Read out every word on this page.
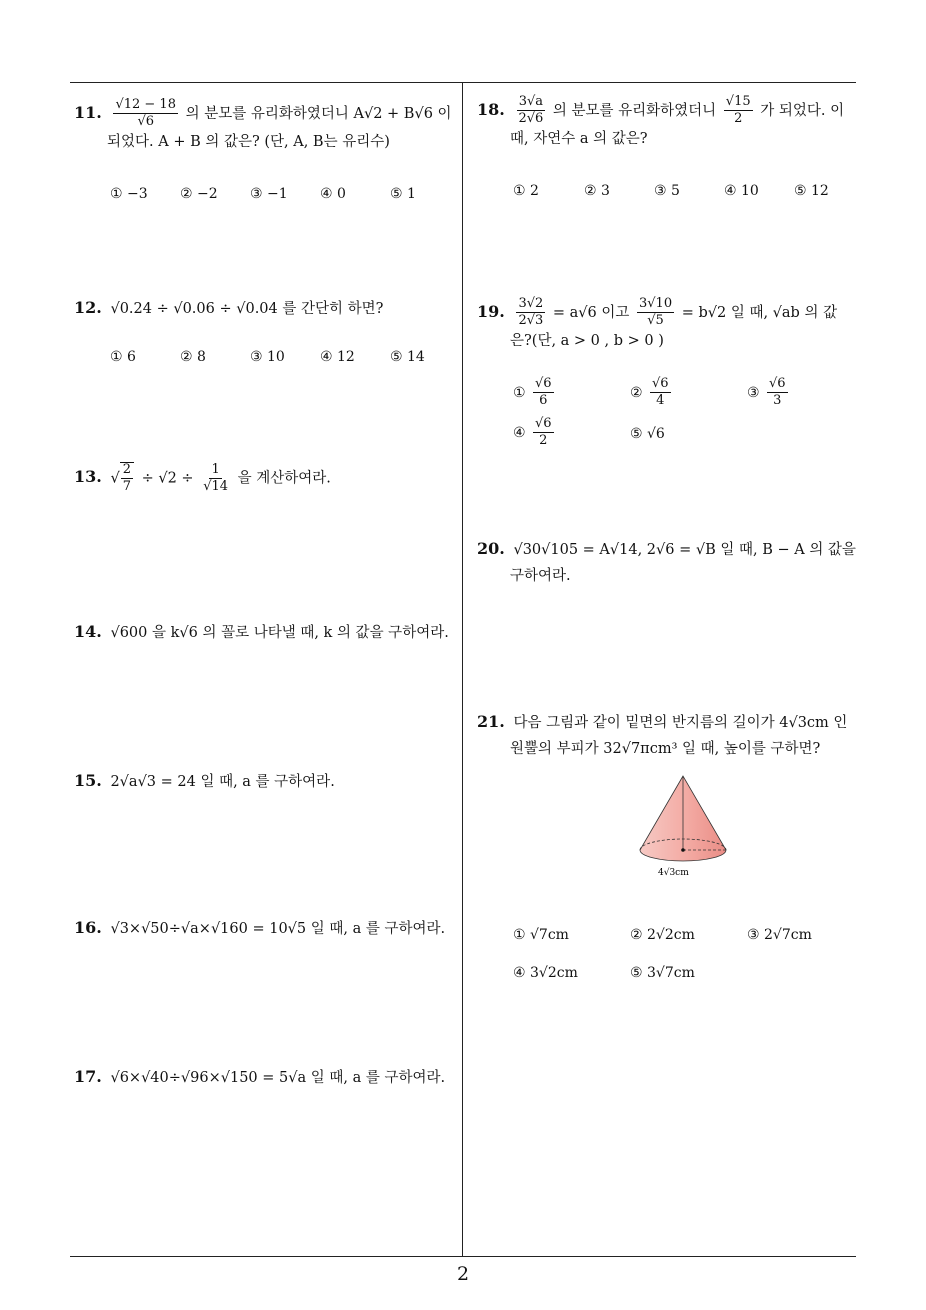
11. $\frac{√12 - 18}{√6}$ 의 분모를 유리화하였더니 A√2 + B√6 이
되었다. A + B 의 값은? (단, A, B는 유리수)
① −3 ② −2 ③ −1 ④ 0	⑤ 1
12. √0.24 ÷ √0.06 ÷ √0.04 를 간단히 하면?
① 6	② 8	③ 10	④ 12	⑤ 14
13. √ $\frac{2}{7} \div √2 \div \frac{1}{√14}$ 을 계산하여라.
14. √600 을 k√6 의 꼴로 나타낼 때, k 의 값을 구하여라.
15. 2√a√3 = 24 일 때, a 를 구하여라.
16. √3×√50÷√a×√160 = 10√5 일 때, a 를 구하여라.
17. √6×√40÷√96×√150 = 5√a 일 때, a 를 구하여라.
18. $\frac{3√a}{2√6}$ 의 분모를 유리화하였더니 $\frac{√15}{2}$ 가 되었다. 이
때, 자연수 a 의 값은?
① 2	② 3	③ 5	④ 10	⑤ 12
19. $\frac{3√2}{2√3} = a√6$ 이고 $\frac{3√10}{√5} = b√2$ 일 때, √ab 의 값
은?(단, a > 0 , b > 0 )
① $\frac{√6}{6}$	② $\frac{√6}{4}$	③ $\frac{√6}{3}$
④ $\frac{√6}{2}$	⑤ √6
20. √30√105 = A√14, 2√6 = √B 일 때, B − A 의 값을
구하여라.
21. 다음 그림과 같이 밑면의 반지름의 길이가 4√3cm 인
원뿔의 부피가 32√7πcm³ 일 때, 높이를 구하면?
4√3cm
① √7cm	② 2√2cm	③ 2√7cm
④ 3√2cm	⑤ 3√7cm
2
